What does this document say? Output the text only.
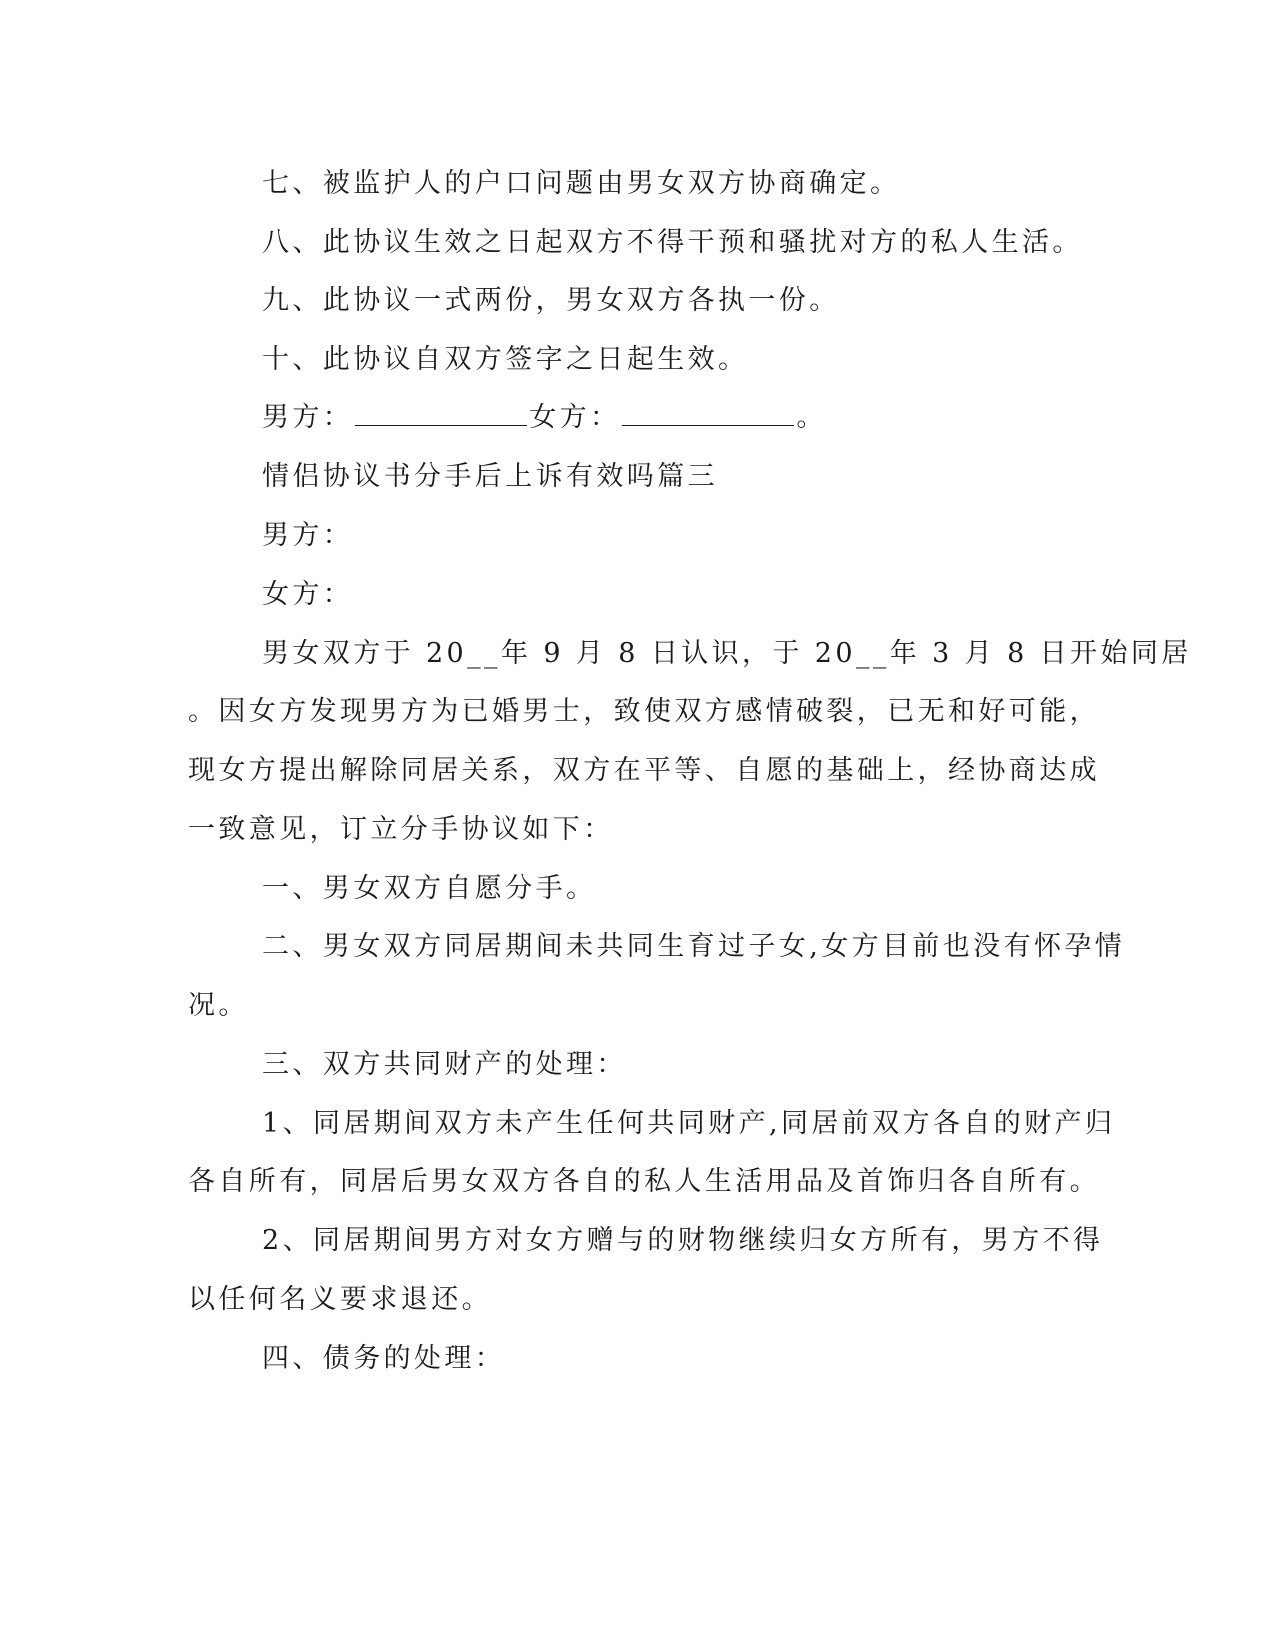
七、被监护人的户口问题由男女双方协商确定。
八、此协议生效之日起双方不得干预和骚扰对方的私人生活。
九、此协议一式两份，男女双方各执一份。
十、此协议自双方签字之日起生效。
男方：	女方：	。
情侣协议书分手后上诉有效吗篇三
男方：
女方：
男女双方于 20__年 9 月 8 日认识，于 20__年 3 月 8 日开始同居
。因女方发现男方为已婚男士，致使双方感情破裂，已无和好可能，
现女方提出解除同居关系，双方在平等、自愿的基础上，经协商达成
一致意见，订立分手协议如下：
一、男女双方自愿分手。
二、男女双方同居期间未共同生育过子女,女方目前也没有怀孕情
况。
三、双方共同财产的处理：
1、同居期间双方未产生任何共同财产,同居前双方各自的财产归
各自所有，同居后男女双方各自的私人生活用品及首饰归各自所有。
2、同居期间男方对女方赠与的财物继续归女方所有，男方不得
以任何名义要求退还。
四、债务的处理：
